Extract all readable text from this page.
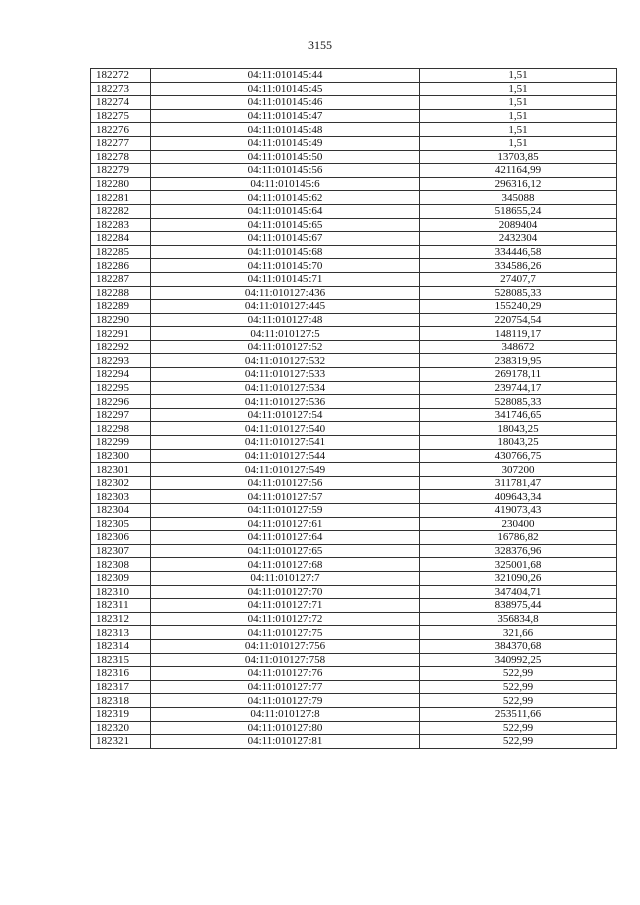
3155
182272	04:11:010145:44	1,51
182273	04:11:010145:45	1,51
182274	04:11:010145:46	1,51
182275	04:11:010145:47	1,51
182276	04:11:010145:48	1,51
182277	04:11:010145:49	1,51
182278	04:11:010145:50	13703,85
182279	04:11:010145:56	421164,99
182280	04:11:010145:6	296316,12
182281	04:11:010145:62	345088
182282	04:11:010145:64	518655,24
182283	04:11:010145:65	2089404
182284	04:11:010145:67	2432304
182285	04:11:010145:68	334446,58
182286	04:11:010145:70	334586,26
182287	04:11:010145:71	27407,7
182288	04:11:010127:436	528085,33
182289	04:11:010127:445	155240,29
182290	04:11:010127:48	220754,54
182291	04:11:010127:5	148119,17
182292	04:11:010127:52	348672
182293	04:11:010127:532	238319,95
182294	04:11:010127:533	269178,11
182295	04:11:010127:534	239744,17
182296	04:11:010127:536	528085,33
182297	04:11:010127:54	341746,65
182298	04:11:010127:540	18043,25
182299	04:11:010127:541	18043,25
182300	04:11:010127:544	430766,75
182301	04:11:010127:549	307200
182302	04:11:010127:56	311781,47
182303	04:11:010127:57	409643,34
182304	04:11:010127:59	419073,43
182305	04:11:010127:61	230400
182306	04:11:010127:64	16786,82
182307	04:11:010127:65	328376,96
182308	04:11:010127:68	325001,68
182309	04:11:010127:7	321090,26
182310	04:11:010127:70	347404,71
182311	04:11:010127:71	838975,44
182312	04:11:010127:72	356834,8
182313	04:11:010127:75	321,66
182314	04:11:010127:756	384370,68
182315	04:11:010127:758	340992,25
182316	04:11:010127:76	522,99
182317	04:11:010127:77	522,99
182318	04:11:010127:79	522,99
182319	04:11:010127:8	253511,66
182320	04:11:010127:80	522,99
182321	04:11:010127:81	522,99
